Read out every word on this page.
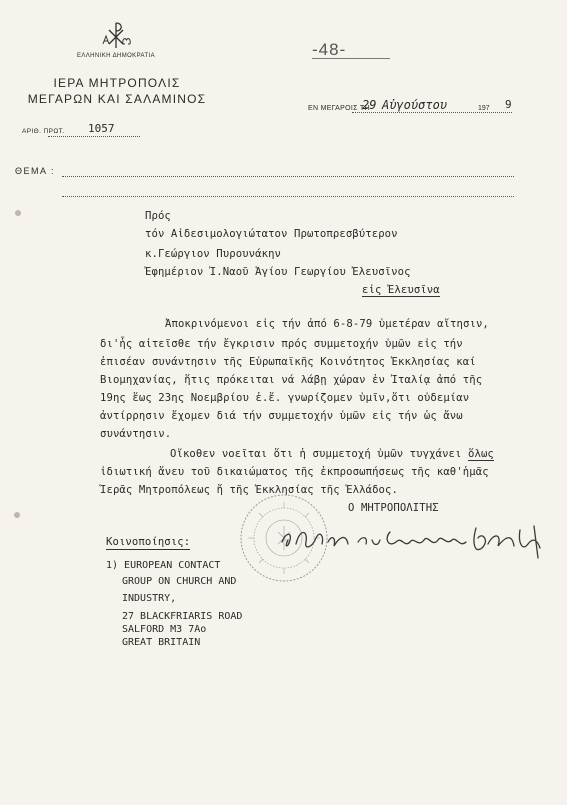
ΕΛΛΗΝΙΚΗ ΔΗΜΟΚΡΑΤΙΑ
ΙΕΡΑ ΜΗΤΡΟΠΟΛΙΣ
ΜΕΓΑΡΩΝ ΚΑΙ ΣΑΛΑΜΙΝΟΣ
ΑΡΙΘ. ΠΡΩΤ. 1057
-48-
ΕΝ ΜΕΓΑΡΟΙΣ ΤΗ
29 Αὐγούστου	197 9
ΘΕΜΑ :
Πρός
τόν Αἰδεσιμολογιώτατον Πρωτοπρεσβύτερον
κ.Γεώργιον Πυρουνάκην
Ἐφημέριον Ἰ.Ναοῦ Ἁγίου Γεωργίου Ἐλευσῖνος
εἰς Ἐλευσῖνα
Ἀποκρινόμενοι εἰς τήν ἀπό 6-8-79 ὑμετέραν αἴτησιν,
δι'ἧς αἰτεῖσθε τήν ἔγκρισιν πρός συμμετοχήν ὑμῶν εἰς τήν
ἐπισέαν συνάντησιν τῆς Εὐρωπαϊκῆς Κοινότητος Ἐκκλησίας καί
Βιομηχανίας, ἥτις πρόκειται νά λάβῃ χώραν ἐν Ἰταλίᾳ ἀπό τῆς
19ης ἕως 23ης Νοεμβρίου ἐ.ἔ. γνωρίζομεν ὑμῖν,ὅτι οὐδεμίαν
ἀντίρρησιν ἔχομεν διά τήν συμμετοχήν ὑμῶν εἰς τήν ὡς ἄνω
συνάντησιν.
Οἴκοθεν νοεῖται ὅτι ἡ συμμετοχή ὑμῶν τυγχάνει ὅλως
ἰδιωτική ἄνευ τοῦ δικαιώματος τῆς ἐκπροσωπήσεως τῆς καθ'ἡμᾶς
Ἱερᾶς Μητροπόλεως ἤ τῆς Ἐκκλησίας τῆς Ἑλλάδος.
Ο ΜΗΤΡΟΠΟΛΙΤΗΣ
† Μεγάρων καὶ Σαλαμῖνος Βαρθολομαῖος
Κοινοποίησις:
1) EUROPEAN CONTACT
GROUP ON CHURCH AND
INDUSTRY,
27 BLACKFRIARIS ROAD
SALFORD M3 7Ao
GREAT BRITAIN
